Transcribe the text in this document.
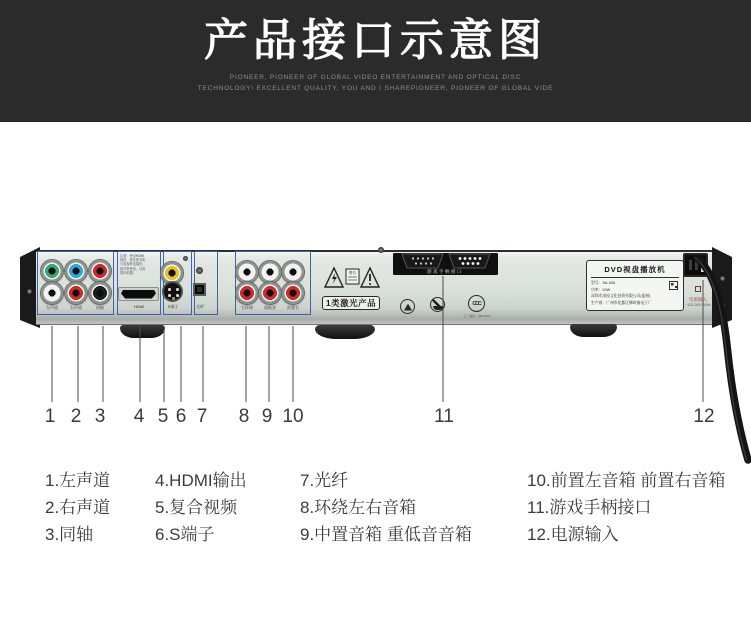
产品接口示意图

PIONEER, PIONEER OF GLOBAL VIDEO ENTERTAINMENT AND OPTICAL DISC

TECHNOLOGY! EXCELLENT QUALITY, YOU AND I SHAREPIONEER, PIONEER OF GLOBAL VIDE

左声道	右声道	同轴
注意：使用HDMI线时，请先把本机与电视机连接好，再开机使用，以免损坏机器！
HDMI	S端子	光纤	右环绕	重低音	前置右
警告
1类激光产品
游戏手柄接口
CCC
工厂编码：M5U9574
DVD视盘播放机
型号：SA-005
功率：20W
深圳市深投文化投资有限公司(监制)
生产商：广州市花都区狮岭镇电子厂
电源输入
~110-240V 50Hz
1 2 3 4 5 6 7 8 9 10	11	12
1.左声道
2.右声道
3.同轴
4.HDMI输出
5.复合视频
6.S端子
7.光纤
8.环绕左右音箱
9.中置音箱 重低音音箱
10.前置左音箱 前置右音箱
11.游戏手柄接口
12.电源输入
